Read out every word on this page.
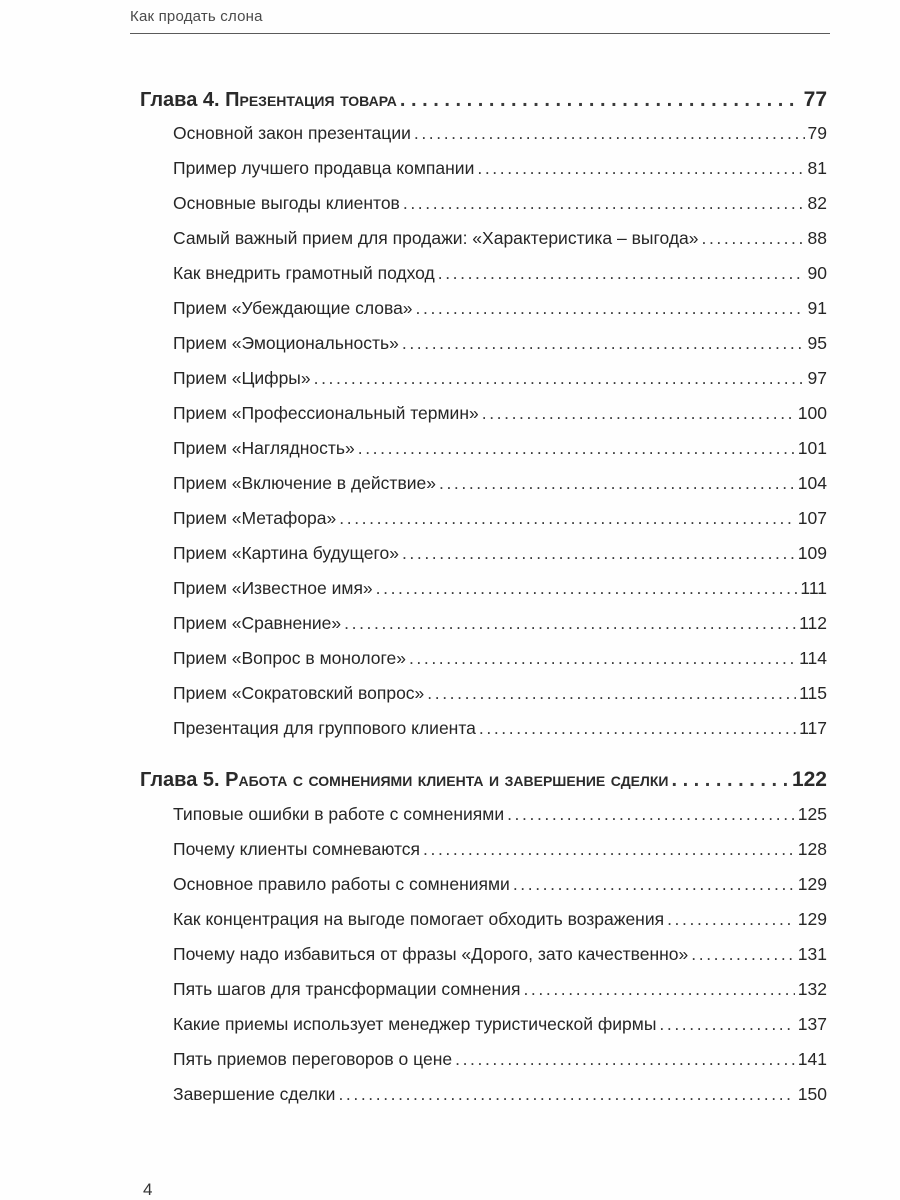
Как продать слона
Глава 4. Презентация товара . . .	77
Основной закон презентации .....	79
Пример лучшего продавца компании .....	81
Основные выгоды клиентов .....	82
Самый важный прием для продажи: «Характеристика – выгода» .....	88
Как внедрить грамотный подход .....	90
Прием «Убеждающие слова» .....	91
Прием «Эмоциональность» .....	95
Прием «Цифры» .....	97
Прием «Профессиональный термин» .....	100
Прием «Наглядность» .....	101
Прием «Включение в действие» .....	104
Прием «Метафора» .....	107
Прием «Картина будущего» .....	109
Прием «Известное имя» .....	111
Прием «Сравнение» .....	112
Прием «Вопрос в монологе» .....	114
Прием «Сократовский вопрос» .....	115
Презентация для группового клиента .....	117
Глава 5. Работа с сомнениями клиента и завершение сделки . . .	122
Типовые ошибки в работе с сомнениями .....	125
Почему клиенты сомневаются .....	128
Основное правило работы с сомнениями .....	129
Как концентрация на выгоде помогает обходить возражения .....	129
Почему надо избавиться от фразы «Дорого, зато качественно» .....	131
Пять шагов для трансформации сомнения .....	132
Какие приемы использует менеджер туристической фирмы .....	137
Пять приемов переговоров о цене .....	141
Завершение сделки .....	150
4
